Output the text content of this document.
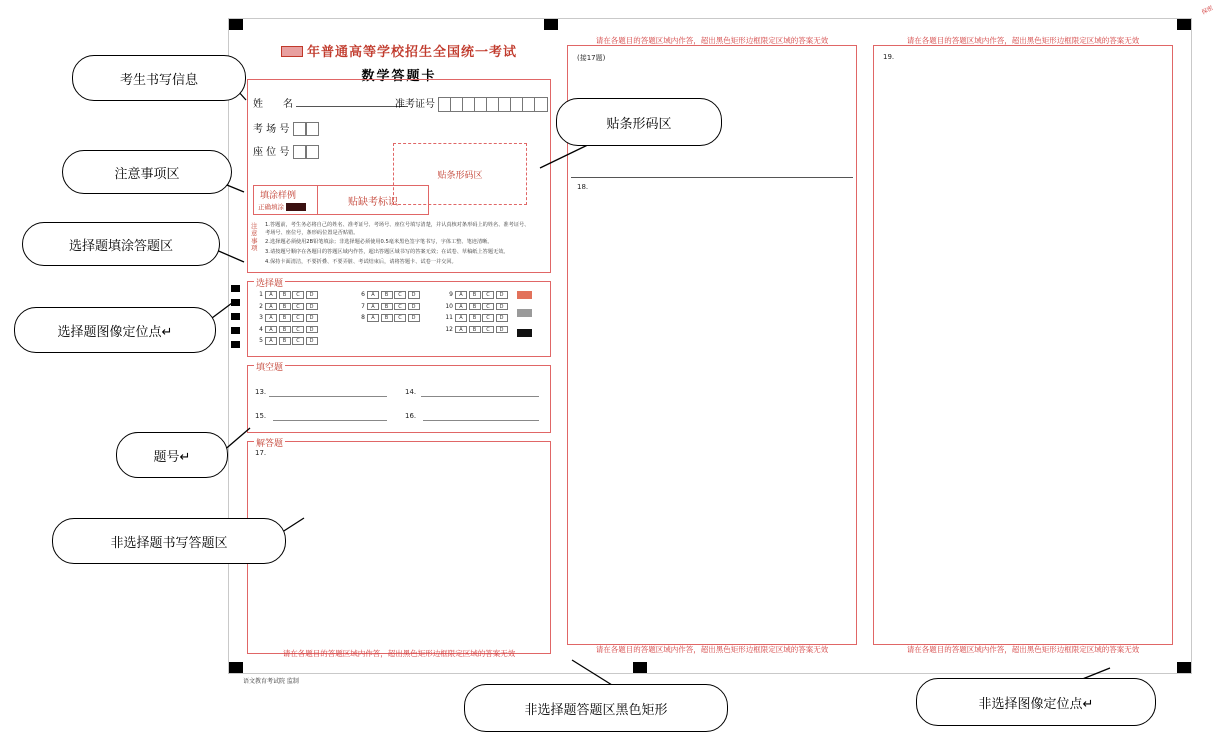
保密
年普通高等学校招生全国统一考试
数学答题卡
姓　　名	准考证号
考 场 号
座 位 号
贴条形码区
填涂样例
正确填涂	贴缺考标识
注意事项
1.答题前，考生务必将自己的姓名、准考证号、考场号、座位号填写清楚，并认真核对条形码上的姓名、准考证号、考场号、座位号，条形码位置是否贴错。
2.选择题必须使用2B铅笔填涂；非选择题必须使用0.5毫米黑色签字笔书写，字体工整、笔迹清晰。
3.请按题号顺序在各题目的答题区域内作答，超出答题区域书写的答案无效；在试卷、草稿纸上答题无效。
4.保持卡面清洁，不要折叠、不要弄脏、考试结束后，请将答题卡、试卷一并交回。
选择题
1 A B C D
2 A B C D
3 A B C D
4 A B C D
5 A B C D
6 A B C D
7 A B C D
8 A B C D
9 A B C D
10 A B C D
11 A B C D
12 A B C D
填空题
13.	14.
15.	16.
解答题
17.
请在各题目的答题区域内作答，超出黑色矩形边框限定区域的答案无效
请在各题目的答题区域内作答，超出黑色矩形边框限定区域的答案无效
(接17题)
18.
请在各题目的答题区域内作答，超出黑色矩形边框限定区域的答案无效
请在各题目的答题区域内作答，超出黑色矩形边框限定区域的答案无效
19.
请在各题目的答题区域内作答，超出黑色矩形边框限定区域的答案无效
语文教育考试院 监制
考生书写信息
注意事项区
选择题填涂答题区
选择题图像定位点↵
题号↵
非选择题书写答题区
贴条形码区
非选择题答题区黑色矩形	非选择图像定位点↵
